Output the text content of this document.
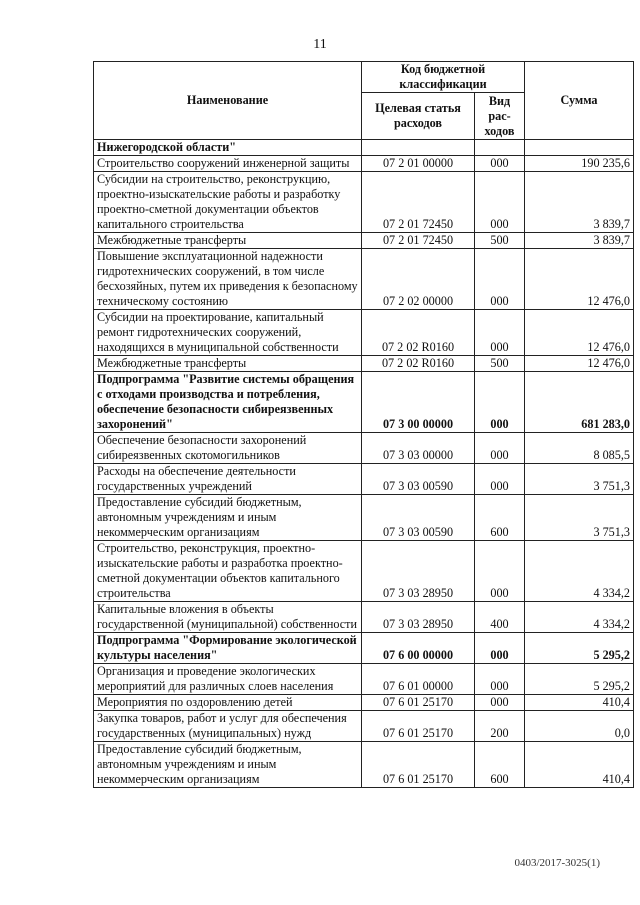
11
Наименование	Код бюджетной классификации		Сумма
	Целевая статья расходов	Вид рас- ходов	
Нижегородской области"			
Строительство сооружений инженерной защиты	07 2 01 00000	000	190 235,6
Субсидии на строительство, реконструкцию, проектно-изыскательские работы и разработку проектно-сметной документации объектов капитального строительства	07 2 01 72450	000	3 839,7
Межбюджетные трансферты	07 2 01 72450	500	3 839,7
Повышение эксплуатационной надежности гидротехнических сооружений, в том числе бесхозяйных, путем их приведения к безопасному техническому состоянию	07 2 02 00000	000	12 476,0
Субсидии на проектирование, капитальный ремонт гидротехнических сооружений, находящихся в муниципальной собственности	07 2 02 R0160	000	12 476,0
Межбюджетные трансферты	07 2 02 R0160	500	12 476,0
Подпрограмма "Развитие системы обращения с отходами производства и потребления, обеспечение безопасности сибиреязвенных захоронений"	07 3 00 00000	000	681 283,0
Обеспечение безопасности захоронений сибиреязвенных скотомогильников	07 3 03 00000	000	8 085,5
Расходы на обеспечение деятельности государственных учреждений	07 3 03 00590	000	3 751,3
Предоставление субсидий бюджетным, автономным учреждениям и иным некоммерческим организациям	07 3 03 00590	600	3 751,3
Строительство, реконструкция, проектно-изыскательские работы и разработка проектно-сметной документации объектов капитального строительства	07 3 03 28950	000	4 334,2
Капитальные вложения в объекты государственной (муниципальной) собственности	07 3 03 28950	400	4 334,2
Подпрограмма "Формирование экологической культуры населения"	07 6 00 00000	000	5 295,2
Организация и проведение экологических мероприятий для различных слоев населения	07 6 01 00000	000	5 295,2
Мероприятия по оздоровлению детей	07 6 01 25170	000	410,4
Закупка товаров, работ и услуг для обеспечения государственных (муниципальных) нужд	07 6 01 25170	200	0,0
Предоставление субсидий бюджетным, автономным учреждениям и иным некоммерческим организациям	07 6 01 25170	600	410,4
0403/2017-3025(1)
